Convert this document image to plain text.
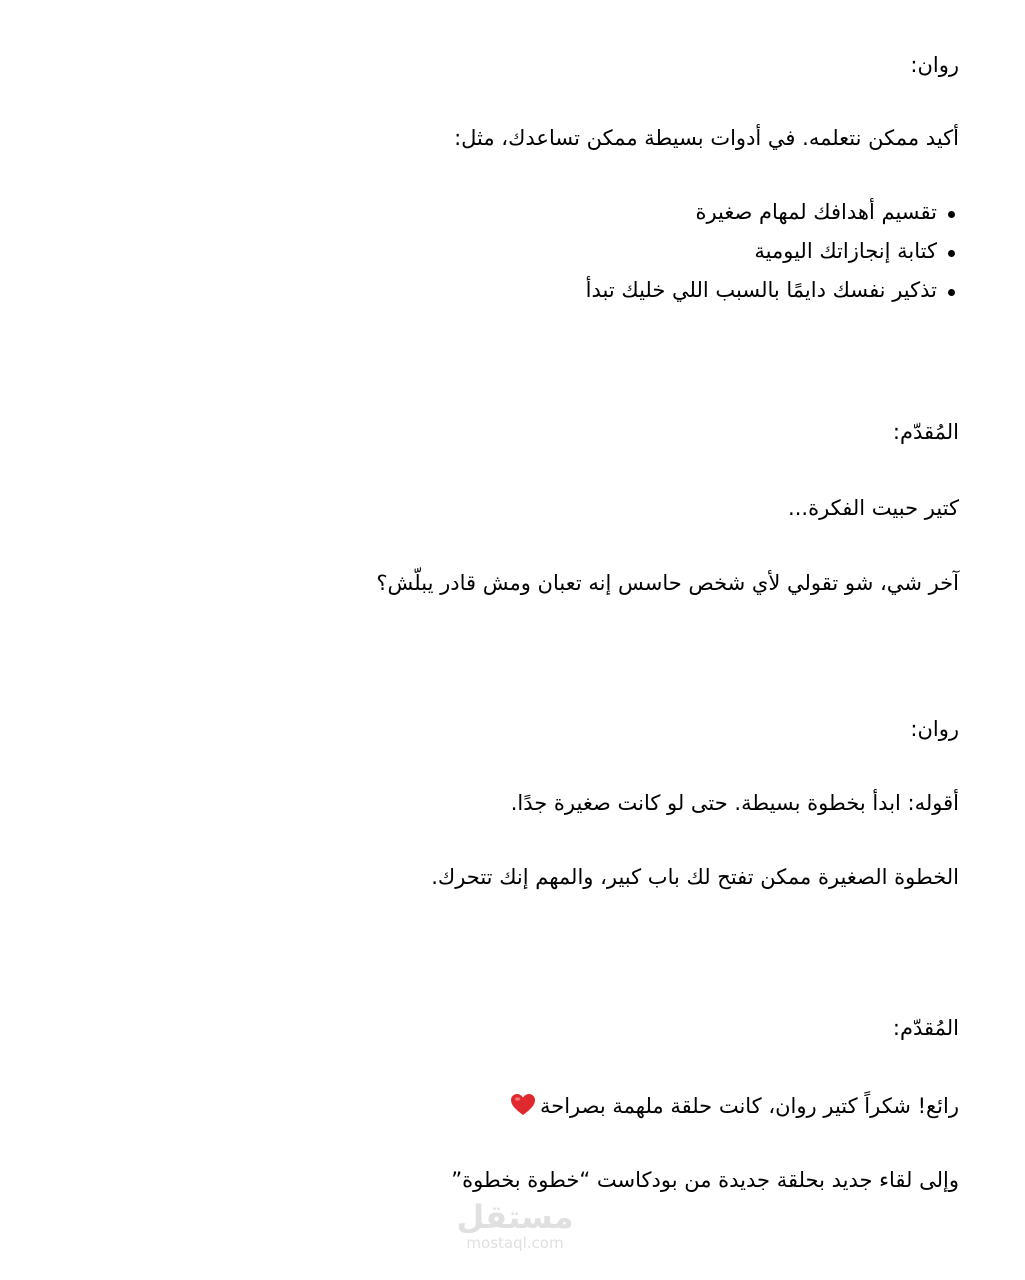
روان:
أكيد ممكن نتعلمه. في أدوات بسيطة ممكن تساعدك، مثل:
تقسيم أهدافك لمهام صغيرة
كتابة إنجازاتك اليومية
تذكير نفسك دايمًا بالسبب اللي خليك تبدأ
المُقدّم:
كتير حبيت الفكرة...
آخر شي، شو تقولي لأي شخص حاسس إنه تعبان ومش قادر يبلّش؟
روان:
أقوله: ابدأ بخطوة بسيطة. حتى لو كانت صغيرة جدًا.
الخطوة الصغيرة ممكن تفتح لك باب كبير، والمهم إنك تتحرك.
المُقدّم:
رائع! شكراً كتير روان، كانت حلقة ملهمة بصراحة
وإلى لقاء جديد بحلقة جديدة من بودكاست “خطوة بخطوة”
مستقل
mostaql.com
